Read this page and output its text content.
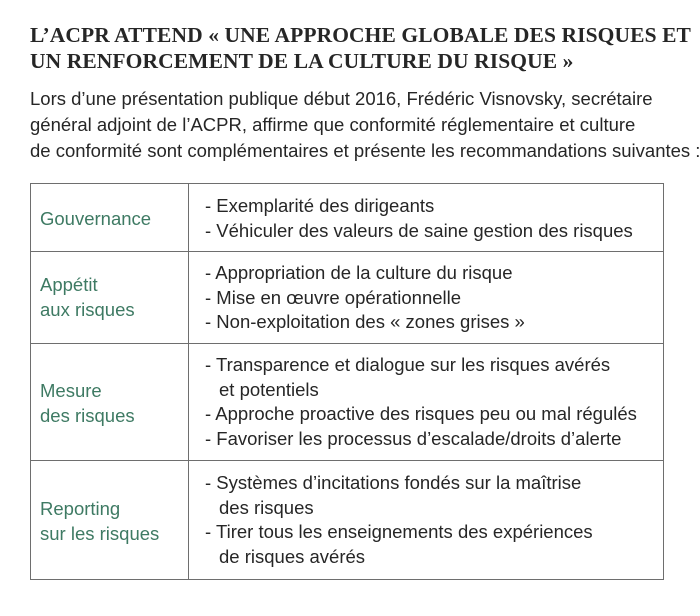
L’ACPR ATTEND « UNE APPROCHE GLOBALE DES RISQUES ET
UN RENFORCEMENT DE LA CULTURE DU RISQUE »
Lors d’une présentation publique début 2016, Frédéric Visnovsky, secrétaire
général adjoint de l’ACPR, affirme que conformité réglementaire et culture
de conformité sont complémentaires et présente les recommandations suivantes :
Gouvernance
- Exemplarité des dirigeants
- Véhiculer des valeurs de saine gestion des risques
Appétit
aux risques
- Appropriation de la culture du risque
- Mise en œuvre opérationnelle
- Non-exploitation des « zones grises »
Mesure
des risques
- Transparence et dialogue sur les risques avérés
et potentiels
- Approche proactive des risques peu ou mal régulés
- Favoriser les processus d’escalade/droits d’alerte
Reporting
sur les risques
- Systèmes d’incitations fondés sur la maîtrise
des risques
- Tirer tous les enseignements des expériences
de risques avérés
